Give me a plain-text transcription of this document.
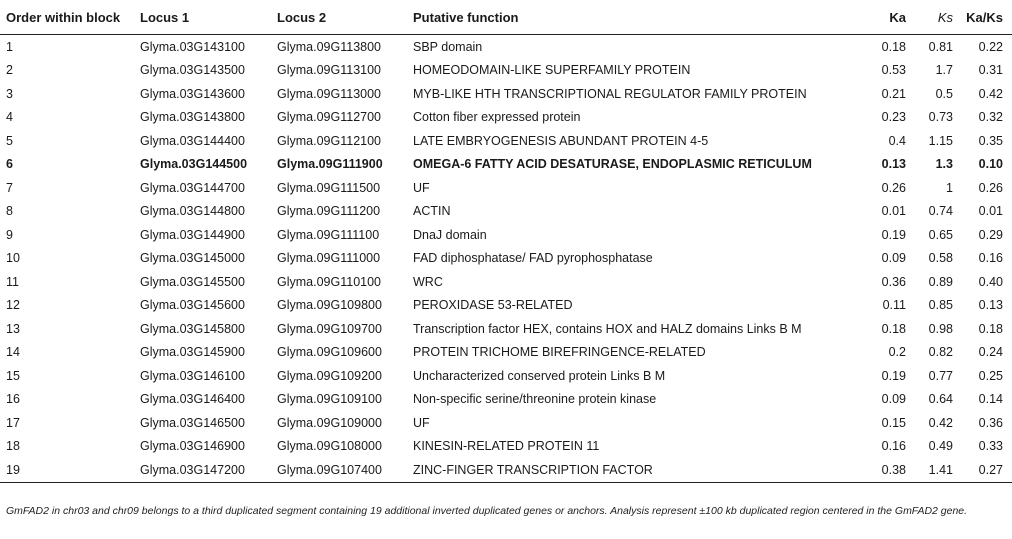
Order within block	Locus 1	Locus 2	Putative function	Ka	Ks	Ka/Ks
1	Glyma.03G143100	Glyma.09G113800	SBP domain	0.18	0.81	0.22
2	Glyma.03G143500	Glyma.09G113100	HOMEODOMAIN-LIKE SUPERFAMILY PROTEIN	0.53	1.7	0.31
3	Glyma.03G143600	Glyma.09G113000	MYB-LIKE HTH TRANSCRIPTIONAL REGULATOR FAMILY PROTEIN	0.21	0.5	0.42
4	Glyma.03G143800	Glyma.09G112700	Cotton fiber expressed protein	0.23	0.73	0.32
5	Glyma.03G144400	Glyma.09G112100	LATE EMBRYOGENESIS ABUNDANT PROTEIN 4-5	0.4	1.15	0.35
6	Glyma.03G144500	Glyma.09G111900	OMEGA-6 FATTY ACID DESATURASE, ENDOPLASMIC RETICULUM	0.13	1.3	0.10
7	Glyma.03G144700	Glyma.09G111500	UF	0.26	1	0.26
8	Glyma.03G144800	Glyma.09G111200	ACTIN	0.01	0.74	0.01
9	Glyma.03G144900	Glyma.09G111100	DnaJ domain	0.19	0.65	0.29
10	Glyma.03G145000	Glyma.09G111000	FAD diphosphatase/ FAD pyrophosphatase	0.09	0.58	0.16
11	Glyma.03G145500	Glyma.09G110100	WRC	0.36	0.89	0.40
12	Glyma.03G145600	Glyma.09G109800	PEROXIDASE 53-RELATED	0.11	0.85	0.13
13	Glyma.03G145800	Glyma.09G109700	Transcription factor HEX, contains HOX and HALZ domains Links B M	0.18	0.98	0.18
14	Glyma.03G145900	Glyma.09G109600	PROTEIN TRICHOME BIREFRINGENCE-RELATED	0.2	0.82	0.24
15	Glyma.03G146100	Glyma.09G109200	Uncharacterized conserved protein Links B M	0.19	0.77	0.25
16	Glyma.03G146400	Glyma.09G109100	Non-specific serine/threonine protein kinase	0.09	0.64	0.14
17	Glyma.03G146500	Glyma.09G109000	UF	0.15	0.42	0.36
18	Glyma.03G146900	Glyma.09G108000	KINESIN-RELATED PROTEIN 11	0.16	0.49	0.33
19	Glyma.03G147200	Glyma.09G107400	ZINC-FINGER TRANSCRIPTION FACTOR	0.38	1.41	0.27
GmFAD2 in chr03 and chr09 belongs to a third duplicated segment containing 19 additional inverted duplicated genes or anchors. Analysis represent ±100 kb duplicated region centered in the GmFAD2 gene.
